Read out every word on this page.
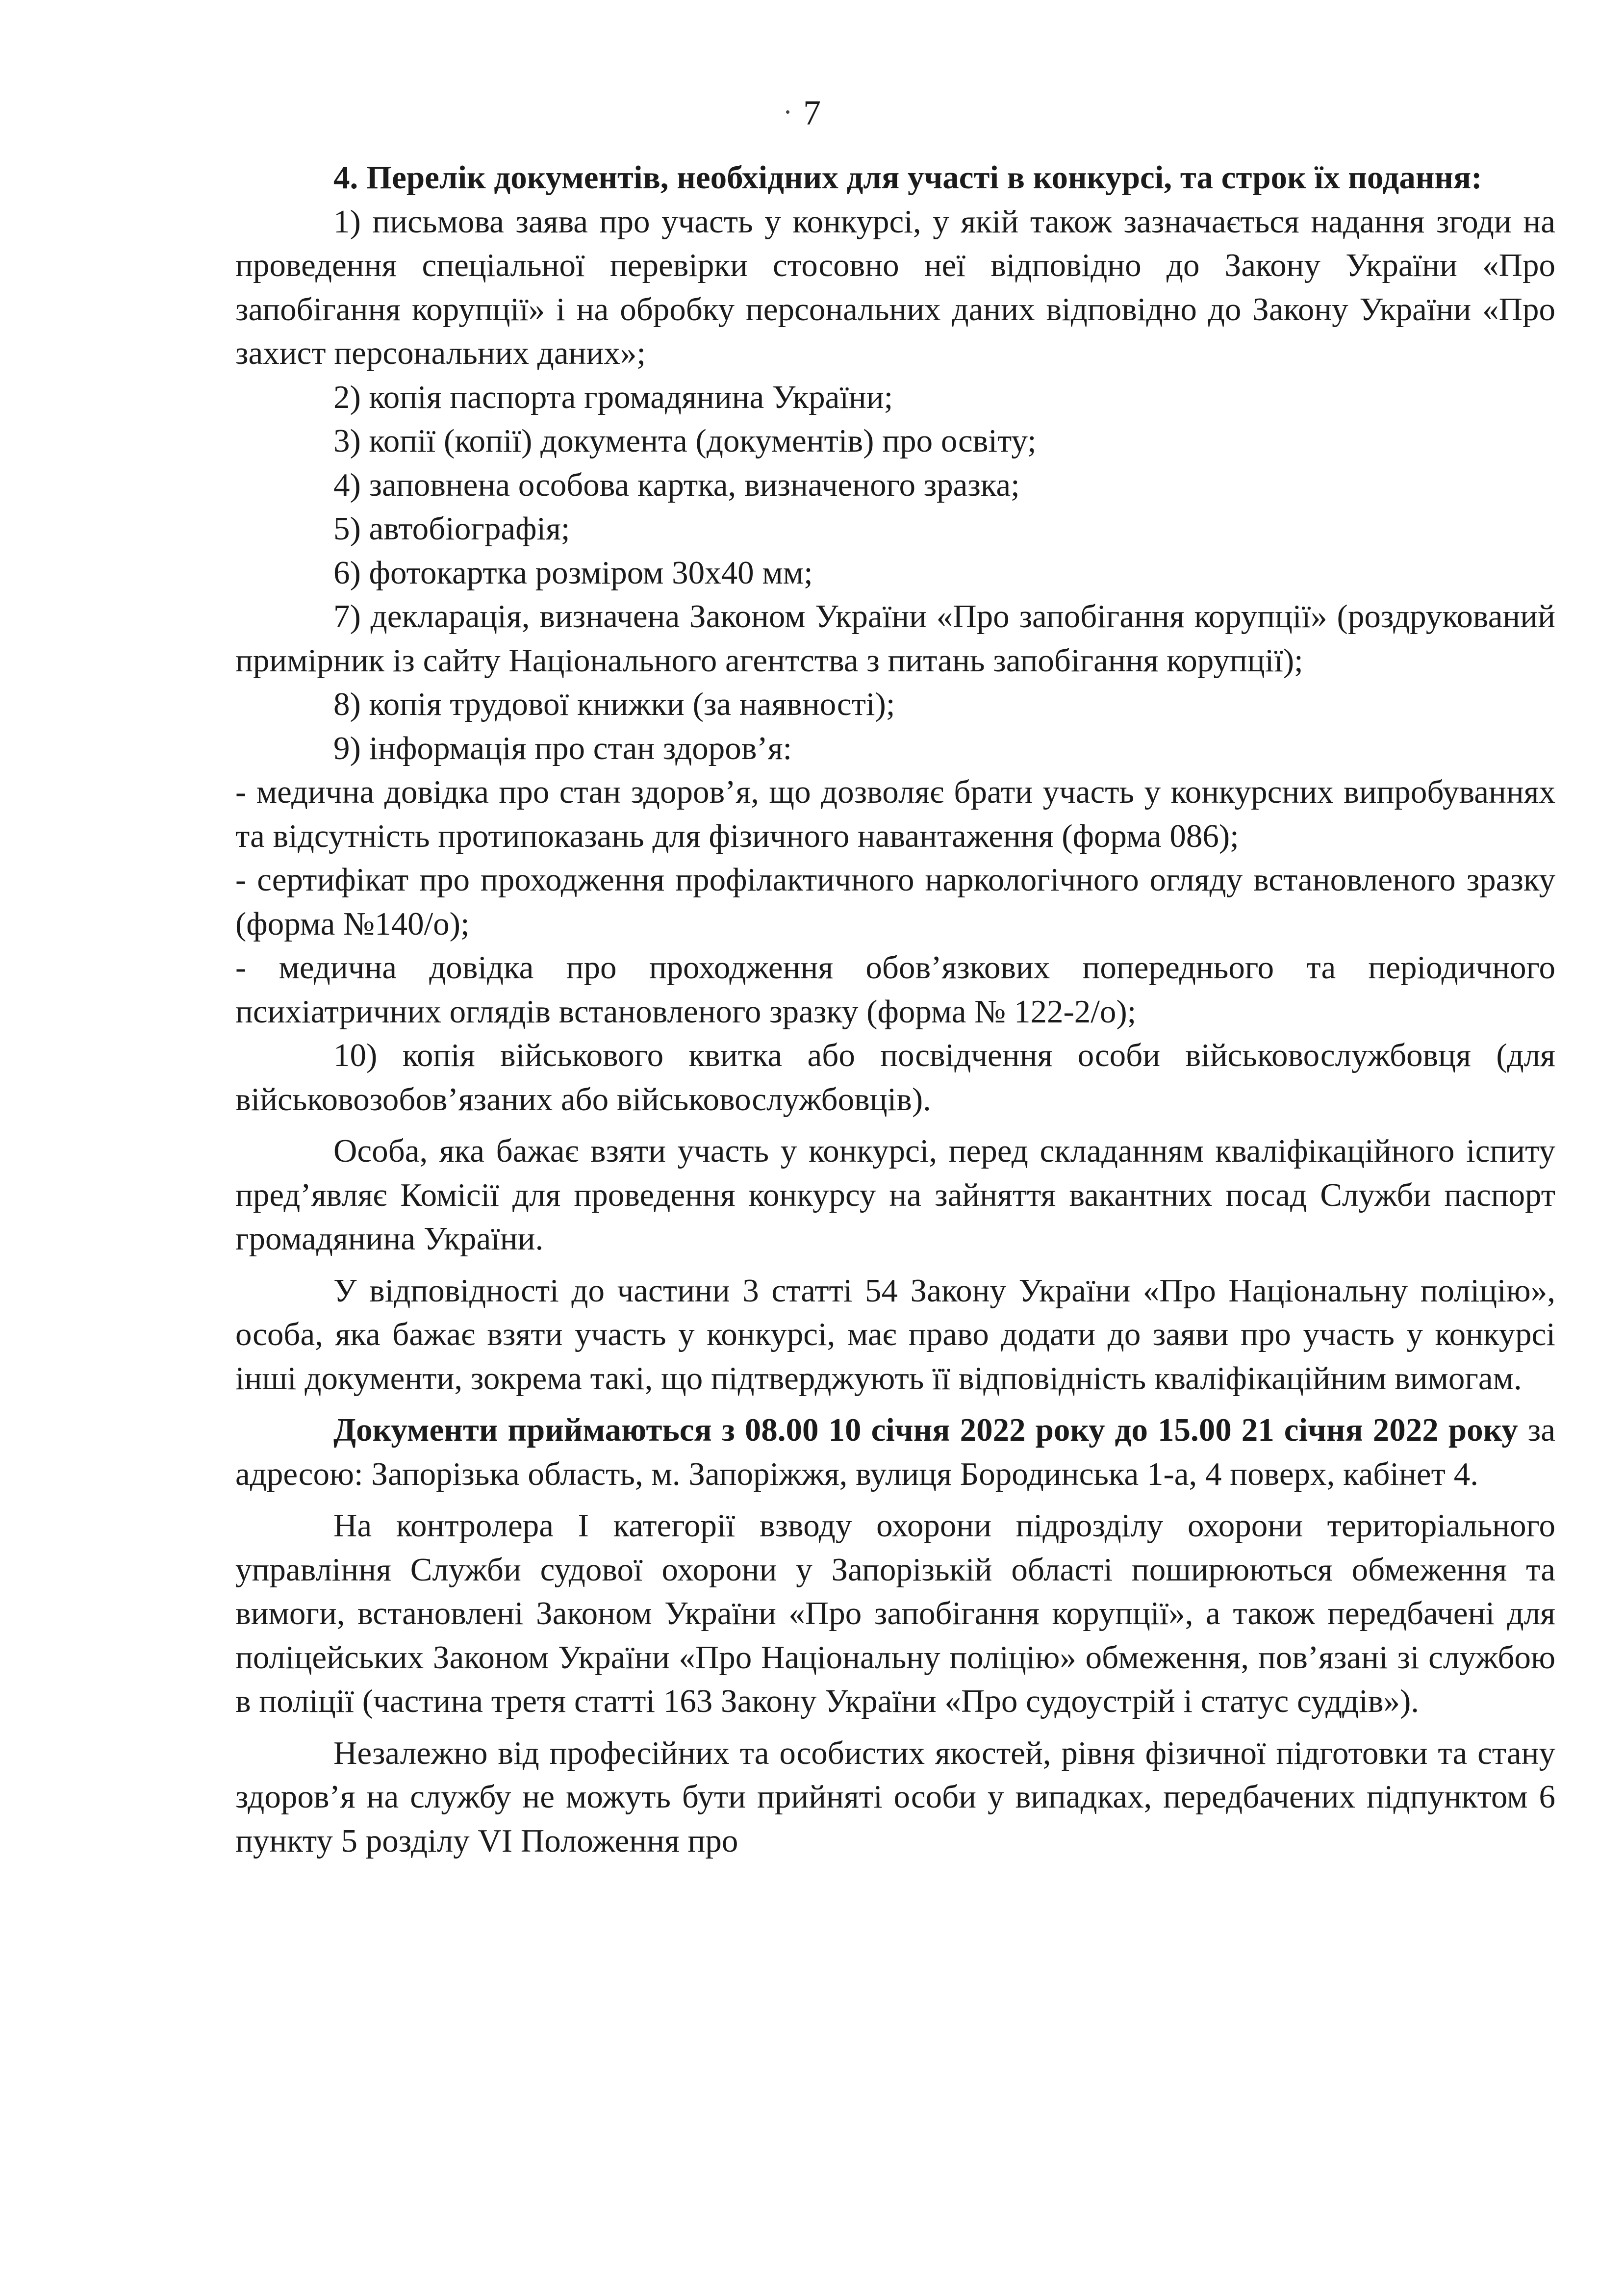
7

4. Перелік документів, необхідних для участі в конкурсі, та строк їх подання:

1) письмова заява про участь у конкурсі, у якій також зазначається надання згоди на проведення спеціальної перевірки стосовно неї відповідно до Закону України «Про запобігання корупції» і на обробку персональних даних відповідно до Закону України «Про захист персональних даних»;

2) копія паспорта громадянина України;

3) копії (копії) документа (документів) про освіту;

4) заповнена особова картка, визначеного зразка;

5) автобіографія;

6) фотокартка розміром 30х40 мм;

7) декларація, визначена Законом України «Про запобігання корупції» (роздрукований примірник із сайту Національного агентства з питань запобігання корупції);

8) копія трудової книжки (за наявності);

9) інформація про стан здоров’я:

- медична довідка про стан здоров’я, що дозволяє брати участь у конкурсних випробуваннях та відсутність протипоказань для фізичного навантаження (форма 086);

- сертифікат про проходження профілактичного наркологічного огляду встановленого зразку (форма №140/о);

- медична довідка про проходження обов’язкових попереднього та періодичного психіатричних оглядів встановленого зразку (форма № 122-2/о);

10) копія військового квитка або посвідчення особи військовослужбовця (для військовозобов’язаних або військовослужбовців).

Особа, яка бажає взяти участь у конкурсі, перед складанням кваліфікаційного іспиту пред’являє Комісії для проведення конкурсу на зайняття вакантних посад Служби паспорт громадянина України.

У відповідності до частини 3 статті 54 Закону України «Про Національну поліцію», особа, яка бажає взяти участь у конкурсі, має право додати до заяви про участь у конкурсі інші документи, зокрема такі, що підтверджують її відповідність кваліфікаційним вимогам.

Документи приймаються з 08.00 10 січня 2022 року до 15.00 21 січня 2022 року за адресою: Запорізька область, м. Запоріжжя, вулиця Бородинська 1-а, 4 поверх, кабінет 4.

На контролера І категорії взводу охорони підрозділу охорони територіального управління Служби судової охорони у Запорізькій області поширюються обмеження та вимоги, встановлені Законом України «Про запобігання корупції», а також передбачені для поліцейських Законом України «Про Національну поліцію» обмеження, пов’язані зі службою в поліції (частина третя статті 163 Закону України «Про судоустрій і статус суддів»).

Незалежно від професійних та особистих якостей, рівня фізичної підготовки та стану здоров’я на службу не можуть бути прийняті особи у випадках, передбачених підпунктом 6 пункту 5 розділу VI Положення про
